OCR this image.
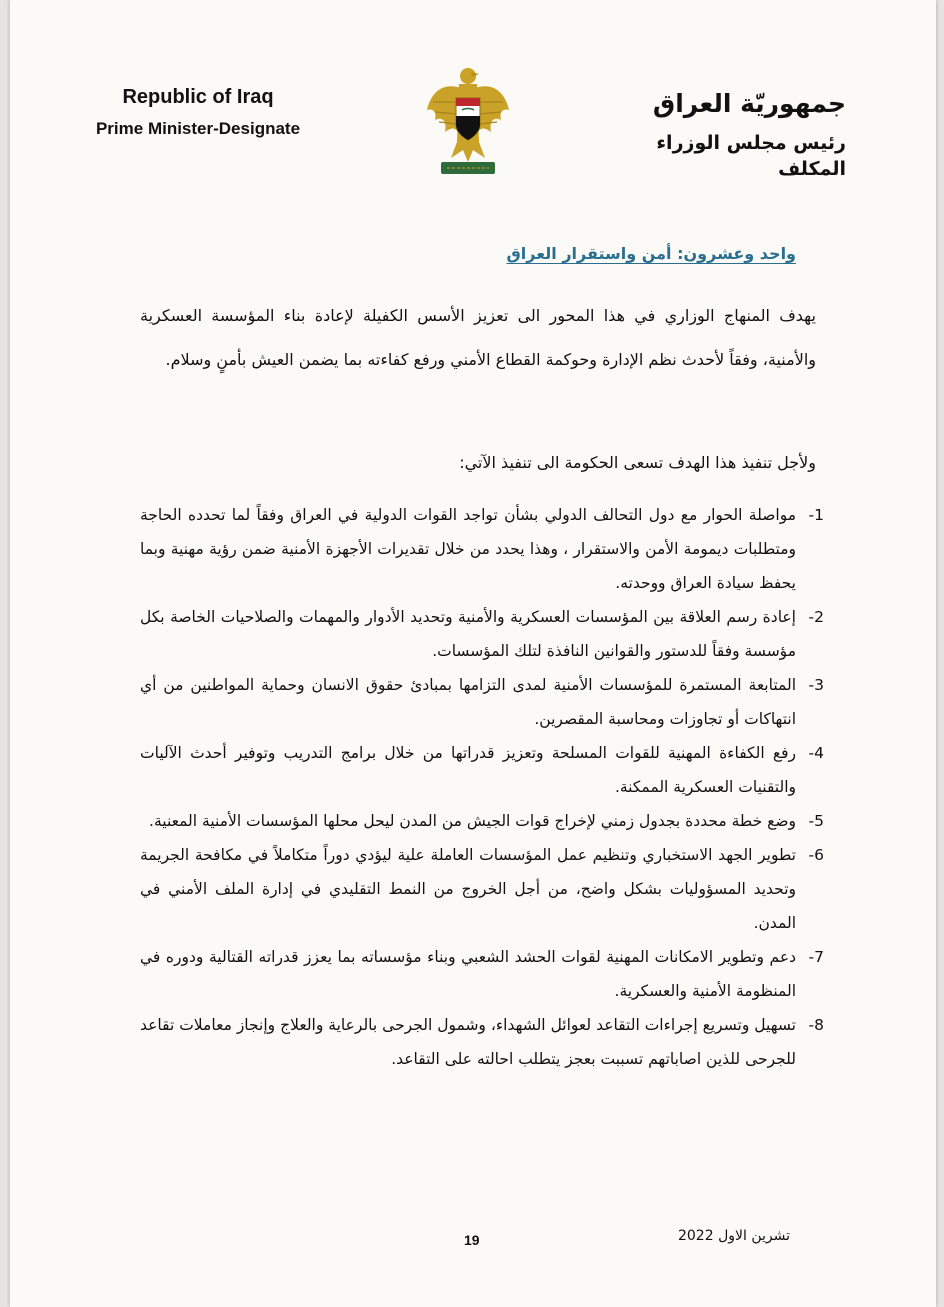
Republic of Iraq
Prime Minister-Designate
جمهوريّة العراق
رئيس مجلس الوزراء المكلف
واحد وعشرون: أمن واستقرار العراق

يهدف المنهاج الوزاري في هذا المحور الى تعزيز الأسس الكفيلة لإعادة بناء المؤسسة العسكرية والأمنية، وفقاً لأحدث نظم الإدارة وحوكمة القطاع الأمني ورفع كفاءته بما يضمن العيش بأمنٍ وسلام.

ولأجل تنفيذ هذا الهدف تسعى الحكومة الى تنفيذ الآتي:

1-
مواصلة الحوار مع دول التحالف الدولي بشأن تواجد القوات الدولية في العراق وفقاً لما تحدده الحاجة ومتطلبات ديمومة الأمن والاستقرار ، وهذا يحدد من خلال تقديرات الأجهزة الأمنية ضمن رؤية مهنية وبما يحفظ سيادة العراق ووحدته.
2-
إعادة رسم العلاقة بين المؤسسات العسكرية والأمنية وتحديد الأدوار والمهمات والصلاحيات الخاصة بكل مؤسسة وفقاً للدستور والقوانين النافذة لتلك المؤسسات.
3-
المتابعة المستمرة للمؤسسات الأمنية لمدى التزامها بمبادئ حقوق الانسان وحماية المواطنين من أي انتهاكات أو تجاوزات ومحاسبة المقصرين.
4-
رفع الكفاءة المهنية للقوات المسلحة وتعزيز قدراتها من خلال برامج التدريب وتوفير أحدث الآليات والتقنيات العسكرية الممكنة.
5-
وضع خطة محددة بجدول زمني لإخراج قوات الجيش من المدن ليحل محلها المؤسسات الأمنية المعنية.
6-
تطوير الجهد الاستخباري وتنظيم عمل المؤسسات العاملة علية ليؤدي دوراً متكاملاً في مكافحة الجريمة وتحديد المسؤوليات بشكل واضح، من أجل الخروج من النمط التقليدي في إدارة الملف الأمني في المدن.
7-
دعم وتطوير الامكانات المهنية لقوات الحشد الشعبي وبناء مؤسساته بما يعزز قدراته القتالية ودوره في المنظومة الأمنية والعسكرية.
8-
تسهيل وتسريع إجراءات التقاعد لعوائل الشهداء، وشمول الجرحى بالرعاية والعلاج وإنجاز معاملات تقاعد للجرحى للذين اصاباتهم تسببت بعجز يتطلب احالته على التقاعد.
تشرين الاول 2022
19
